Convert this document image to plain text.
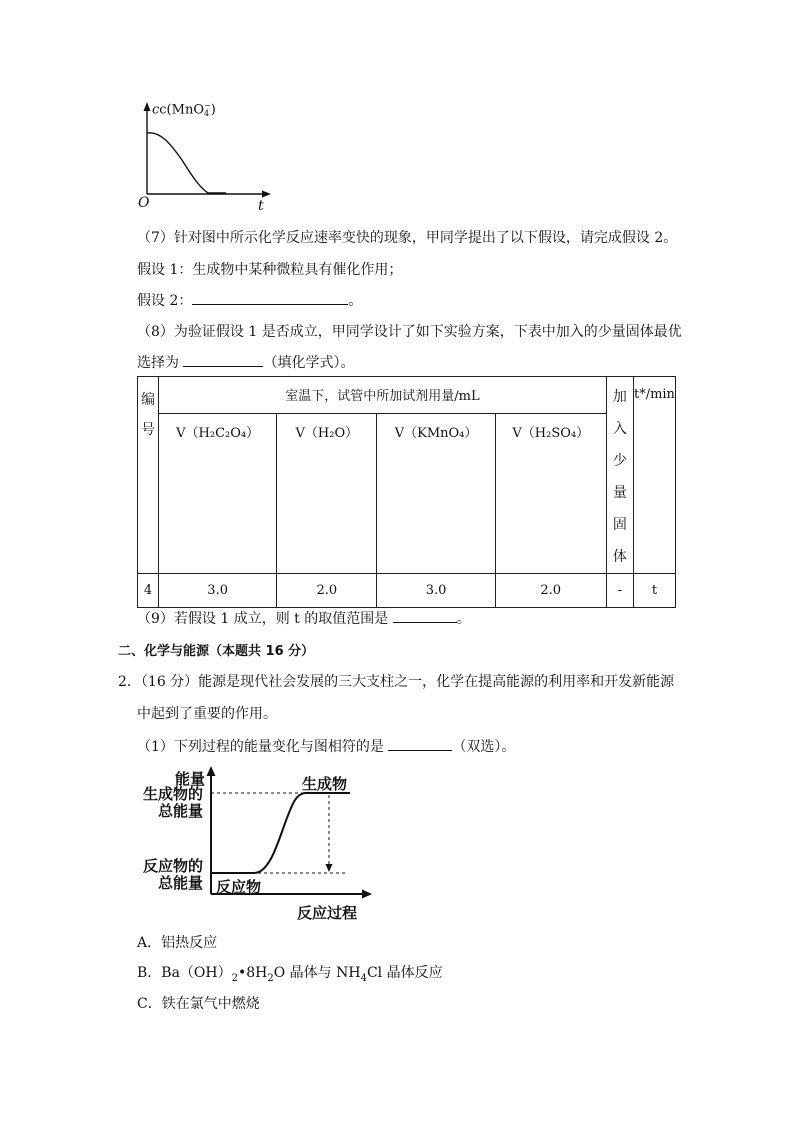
cc(MnO −
4 )
O	t
（7）针对图中所示化学反应速率变快的现象，甲同学提出了以下假设，请完成假设 2。
假设 1：生成物中某种微粒具有催化作用；
假设 2：	。
（8）为验证假设 1 是否成立，甲同学设计了如下实验方案，下表中加入的少量固体最优
选择为	（填化学式）。
编号	室温下，试管中所加试剂用量/mL				加入少量固体	t*/min
	V（H₂C₂O₄）	V（H₂O）	V（KMnO₄）	V（H₂SO₄）		
4	3.0	2.0	3.0	2.0	-	t
（9）若假设 1 成立，则 t 的取值范围是	。
二、化学与能源（本题共 16 分）
2．（16 分）能源是现代社会发展的三大支柱之一，化学在提高能源的利用率和开发新能源
中起到了重要的作用。
（1）下列过程的能量变化与图相符的是	（双选）。
能量
生成物的
总能量
生成物
反应物的
总能量 反应物
反应过程
A．铝热反应
B．$Ba(OH)_2•8H_2O$ 晶体与 $NH_4Cl$ 晶体反应
C．铁在氯气中燃烧
